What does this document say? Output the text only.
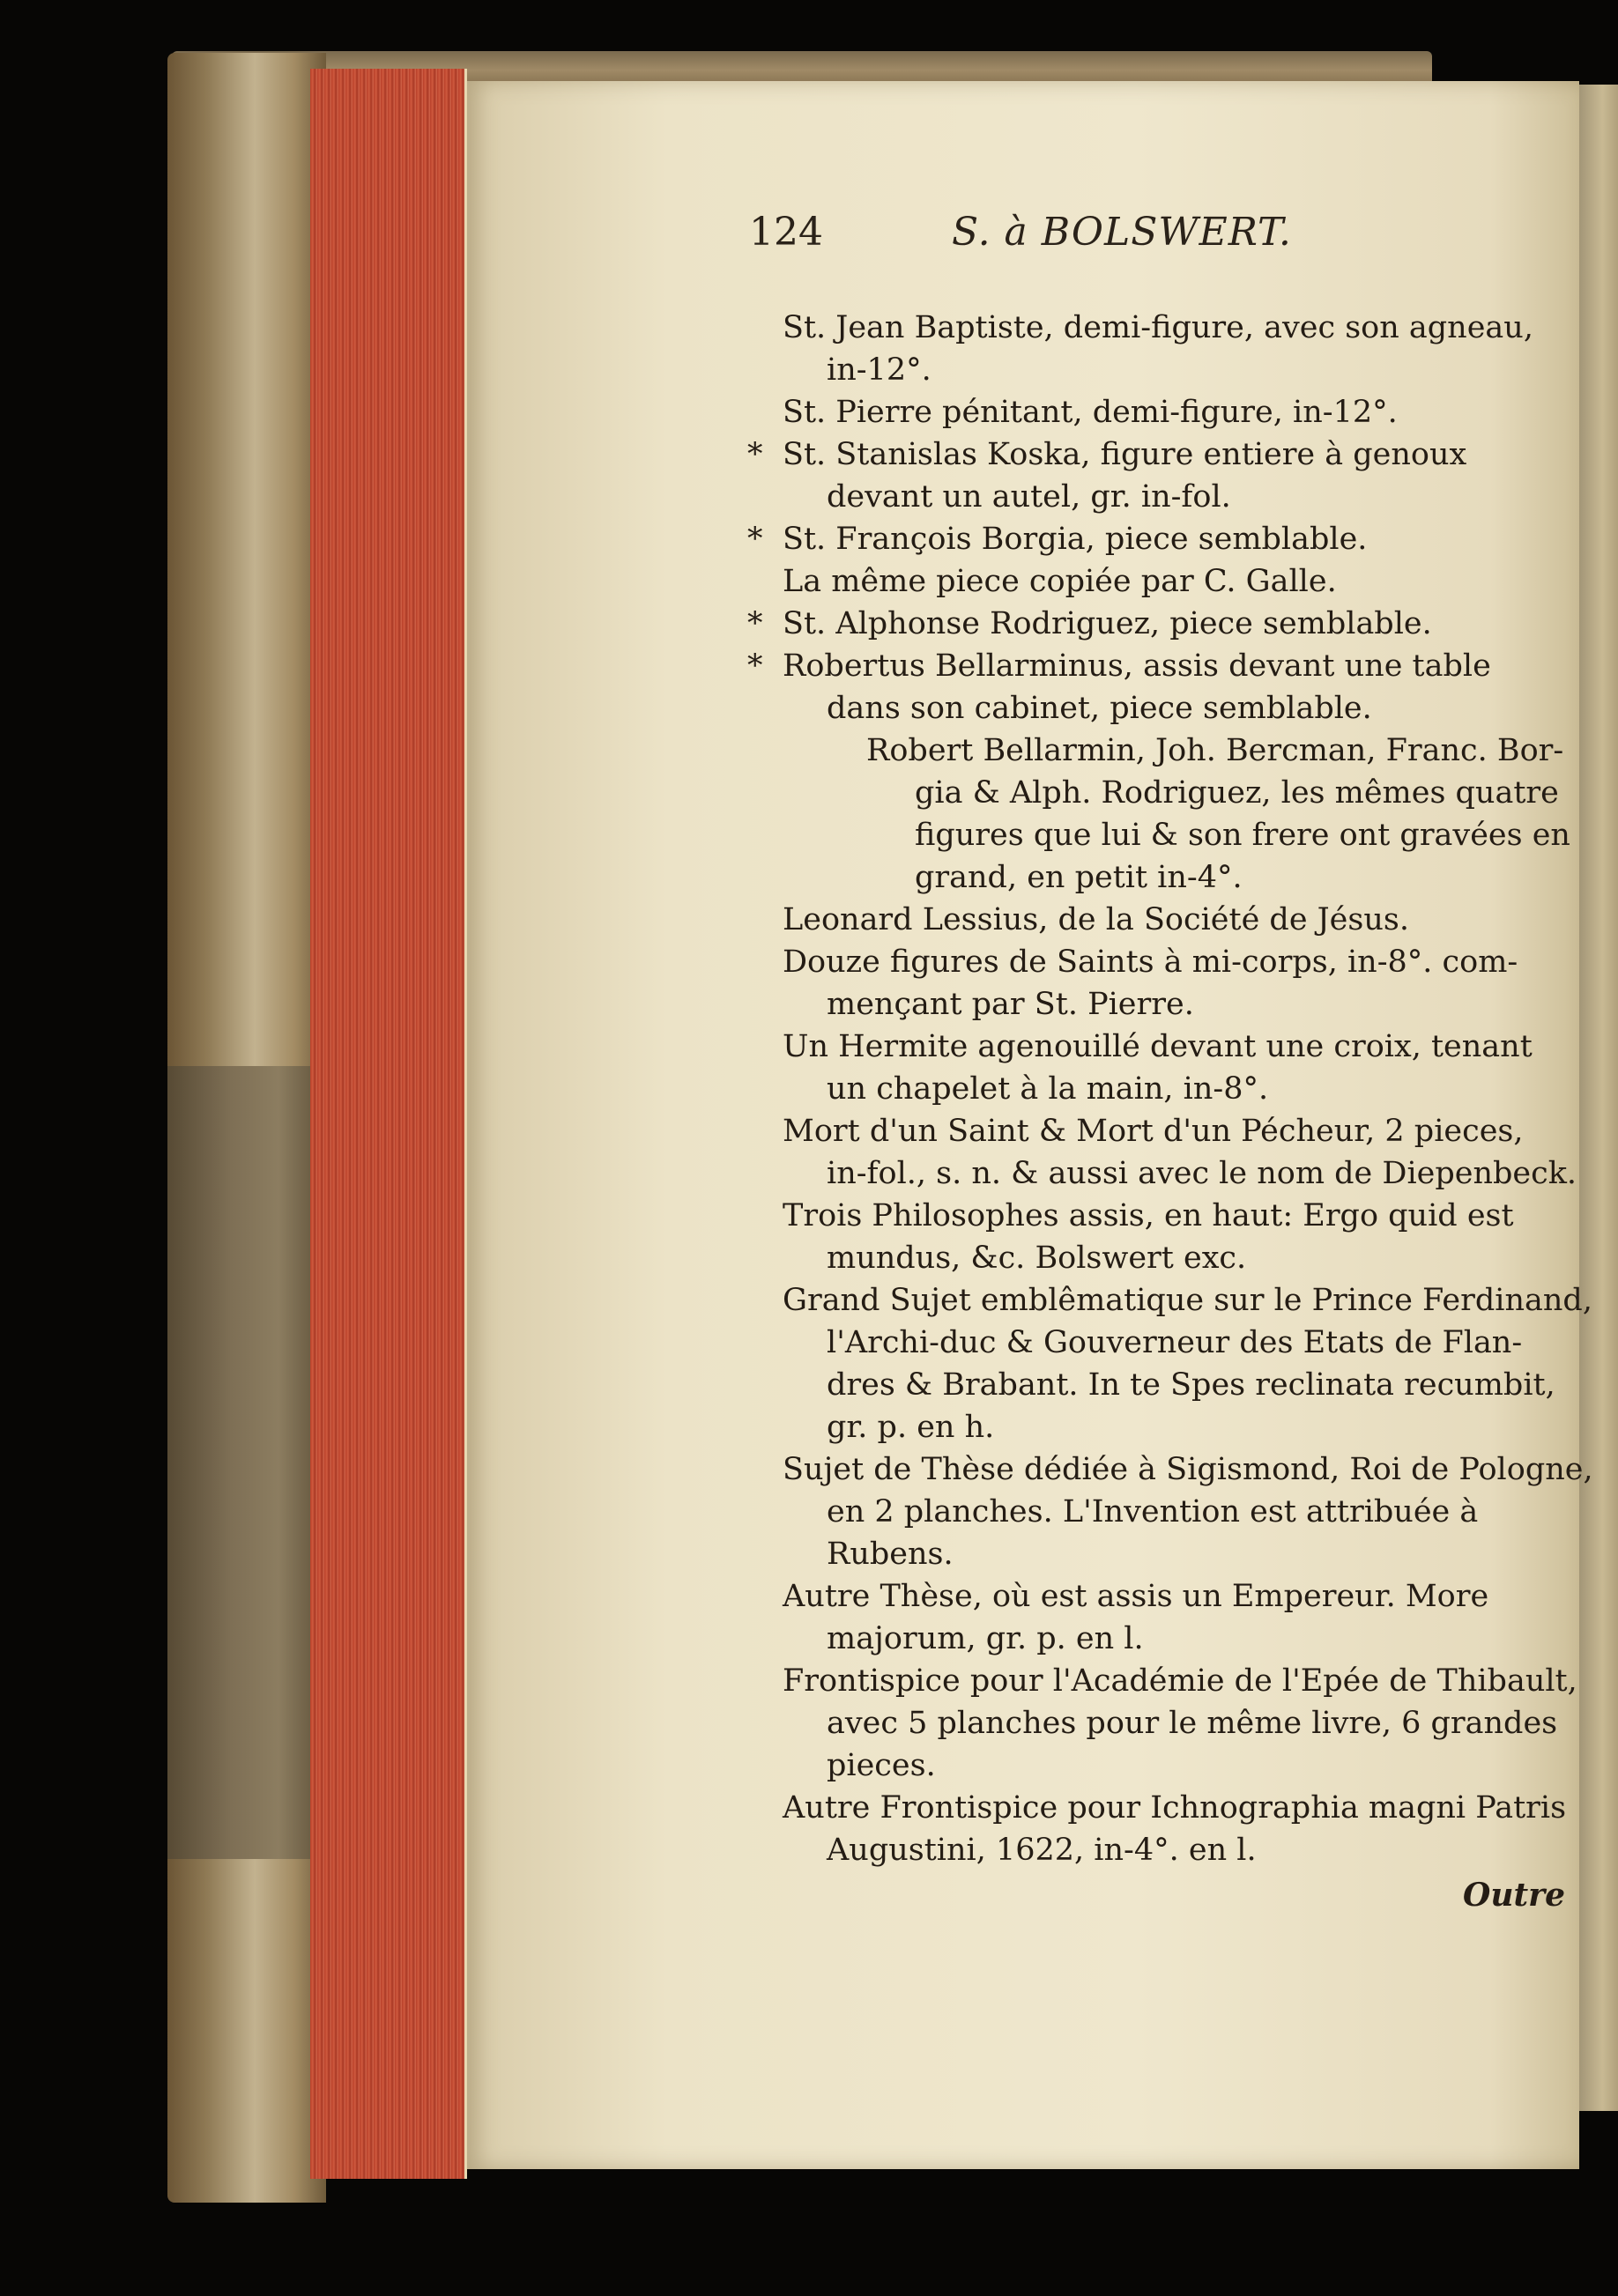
124	S. à BOLSWERT.
St. Jean Baptiste, demi-figure, avec son agneau,
in-12°.
St. Pierre pénitant, demi-figure, in-12°.
* St. Stanislas Koska, figure entiere à genoux
devant un autel, gr. in-fol.
* St. François Borgia, piece semblable.
La même piece copiée par C. Galle.
* St. Alphonse Rodriguez, piece semblable.
* Robertus Bellarminus, assis devant une table
dans son cabinet, piece semblable.
Robert Bellarmin, Joh. Bercman, Franc. Bor-
gia & Alph. Rodriguez, les mêmes quatre
figures que lui & son frere ont gravées en
grand, en petit in-4°.
Leonard Lessius, de la Société de Jésus.
Douze figures de Saints à mi-corps, in-8°. com-
mençant par St. Pierre.
Un Hermite agenouillé devant une croix, tenant
un chapelet à la main, in-8°.
Mort d'un Saint & Mort d'un Pécheur, 2 pieces,
in-fol., s. n. & aussi avec le nom de Diepenbeck.
Trois Philosophes assis, en haut: Ergo quid est
mundus, &c. Bolswert exc.
Grand Sujet emblêmatique sur le Prince Ferdinand,
l'Archi-duc & Gouverneur des Etats de Flan-
dres & Brabant. In te Spes reclinata recumbit,
gr. p. en h.
Sujet de Thèse dédiée à Sigismond, Roi de Pologne,
en 2 planches. L'Invention est attribuée à
Rubens.
Autre Thèse, où est assis un Empereur. More
majorum, gr. p. en l.
Frontispice pour l'Académie de l'Epée de Thibault,
avec 5 planches pour le même livre, 6 grandes
pieces.
Autre Frontispice pour Ichnographia magni Patris
Augustini, 1622, in-4°. en l.
Outre
